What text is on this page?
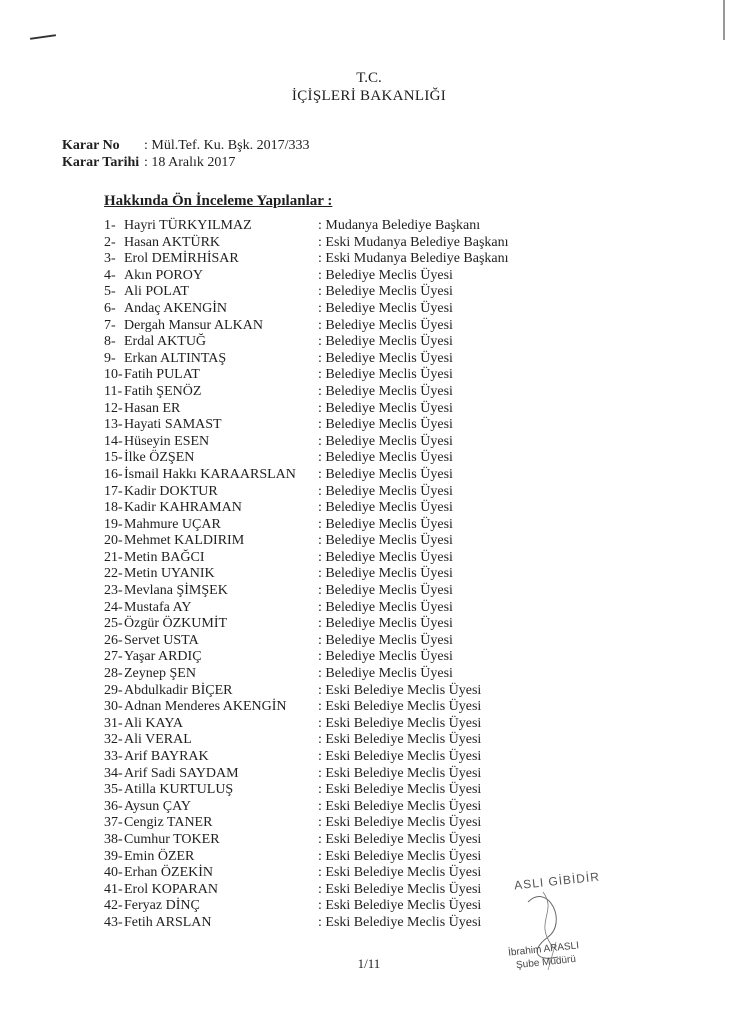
T.C.
İÇİŞLERİ BAKANLIĞI
Karar No : Mül.Tef. Ku. Bşk. 2017/333
Karar Tarihi : 18 Aralık 2017
Hakkında Ön İnceleme Yapılanlar :
1- Hayri TÜRKYILMAZ	: Mudanya Belediye Başkanı
2- Hasan AKTÜRK	: Eski Mudanya Belediye Başkanı
3- Erol DEMİRHİSAR	: Eski Mudanya Belediye Başkanı
4- Akın POROY	: Belediye Meclis Üyesi
5- Ali POLAT	: Belediye Meclis Üyesi
6- Andaç AKENGİN	: Belediye Meclis Üyesi
7- Dergah Mansur ALKAN	: Belediye Meclis Üyesi
8- Erdal AKTUĞ	: Belediye Meclis Üyesi
9- Erkan ALTINTAŞ	: Belediye Meclis Üyesi
10- Fatih PULAT	: Belediye Meclis Üyesi
11- Fatih ŞENÖZ	: Belediye Meclis Üyesi
12- Hasan ER	: Belediye Meclis Üyesi
13- Hayati SAMAST	: Belediye Meclis Üyesi
14- Hüseyin ESEN	: Belediye Meclis Üyesi
15- İlke ÖZŞEN	: Belediye Meclis Üyesi
16- İsmail Hakkı KARAARSLAN : Belediye Meclis Üyesi
17- Kadir DOKTUR	: Belediye Meclis Üyesi
18- Kadir KAHRAMAN	: Belediye Meclis Üyesi
19- Mahmure UÇAR	: Belediye Meclis Üyesi
20- Mehmet KALDIRIM	: Belediye Meclis Üyesi
21- Metin BAĞCI	: Belediye Meclis Üyesi
22- Metin UYANIK	: Belediye Meclis Üyesi
23- Mevlana ŞİMŞEK	: Belediye Meclis Üyesi
24- Mustafa AY	: Belediye Meclis Üyesi
25- Özgür ÖZKUMİT	: Belediye Meclis Üyesi
26- Servet USTA	: Belediye Meclis Üyesi
27- Yaşar ARDIÇ	: Belediye Meclis Üyesi
28- Zeynep ŞEN	: Belediye Meclis Üyesi
29- Abdulkadir BİÇER	: Eski Belediye Meclis Üyesi
30- Adnan Menderes AKENGİN : Eski Belediye Meclis Üyesi
31- Ali KAYA	: Eski Belediye Meclis Üyesi
32- Ali VERAL	: Eski Belediye Meclis Üyesi
33- Arif BAYRAK	: Eski Belediye Meclis Üyesi
34- Arif Sadi SAYDAM	: Eski Belediye Meclis Üyesi
35- Atilla KURTULUŞ	: Eski Belediye Meclis Üyesi
36- Aysun ÇAY	: Eski Belediye Meclis Üyesi
37- Cengiz TANER	: Eski Belediye Meclis Üyesi
38- Cumhur TOKER	: Eski Belediye Meclis Üyesi
39- Emin ÖZER	: Eski Belediye Meclis Üyesi
40- Erhan ÖZEKİN	: Eski Belediye Meclis Üyesi
41- Erol KOPARAN	: Eski Belediye Meclis Üyesi
42- Feryaz DİNÇ	: Eski Belediye Meclis Üyesi
43- Fetih ARSLAN	: Eski Belediye Meclis Üyesi
1/11
ASLI GİBİDİR
İbrahim ARASLI
Şube Müdürü
